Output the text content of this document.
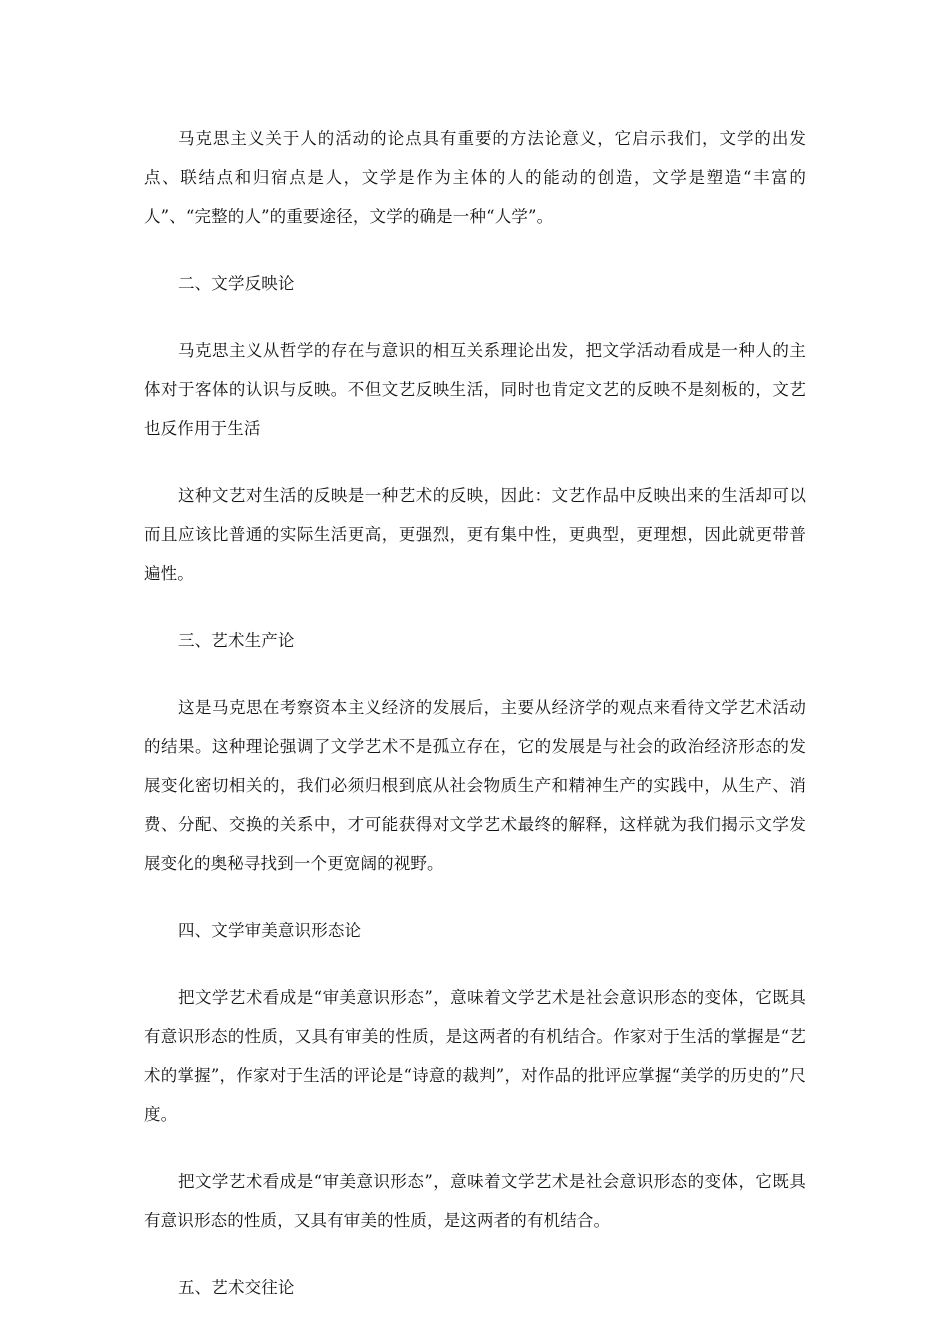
马克思主义关于人的活动的论点具有重要的方法论意义，它启示我们，文学的出发点、联结点和归宿点是人，文学是作为主体的人的能动的创造，文学是塑造“丰富的人”、“完整的人”的重要途径，文学的确是一种“人学”。

二、文学反映论

马克思主义从哲学的存在与意识的相互关系理论出发，把文学活动看成是一种人的主体对于客体的认识与反映。不但文艺反映生活，同时也肯定文艺的反映不是刻板的，文艺也反作用于生活

这种文艺对生活的反映是一种艺术的反映，因此：文艺作品中反映出来的生活却可以而且应该比普通的实际生活更高，更强烈，更有集中性，更典型，更理想，因此就更带普遍性。

三、艺术生产论

这是马克思在考察资本主义经济的发展后，主要从经济学的观点来看待文学艺术活动的结果。这种理论强调了文学艺术不是孤立存在，它的发展是与社会的政治经济形态的发展变化密切相关的，我们必须归根到底从社会物质生产和精神生产的实践中，从生产、消费、分配、交换的关系中，才可能获得对文学艺术最终的解释，这样就为我们揭示文学发展变化的奥秘寻找到一个更宽阔的视野。

四、文学审美意识形态论

把文学艺术看成是“审美意识形态”，意味着文学艺术是社会意识形态的变体，它既具有意识形态的性质，又具有审美的性质，是这两者的有机结合。作家对于生活的掌握是“艺术的掌握”，作家对于生活的评论是“诗意的裁判”，对作品的批评应掌握“美学的历史的”尺度。

把文学艺术看成是“审美意识形态”，意味着文学艺术是社会意识形态的变体，它既具有意识形态的性质，又具有审美的性质，是这两者的有机结合。

五、艺术交往论
